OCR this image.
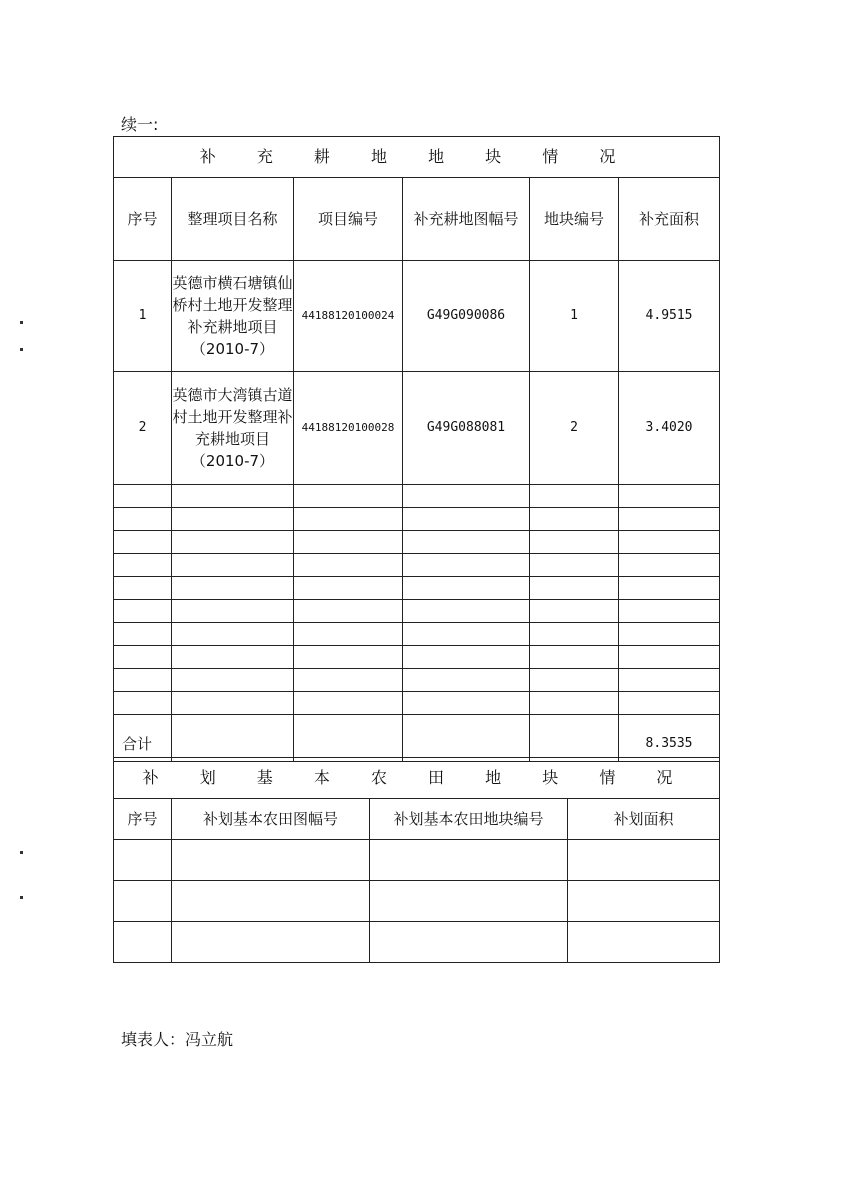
续一:
补 充 耕 地 地 块 情 况					
序号	整理项目名称	项目编号	补充耕地图幅号	地块编号	补充面积
1	英德市横石塘镇仙桥村土地开发整理补充耕地项目（2010-7）	44188120100024	G49G090086	1	4.9515
2	英德市大湾镇古道村土地开发整理补充耕地项目（2010-7）	44188120100028	G49G088081	2	3.4020

合计					8.3535
补 划 基 本 农 田 地 块 情 况			
序号	补划基本农田图幅号	补划基本农田地块编号	补划面积

填表人：冯立航
